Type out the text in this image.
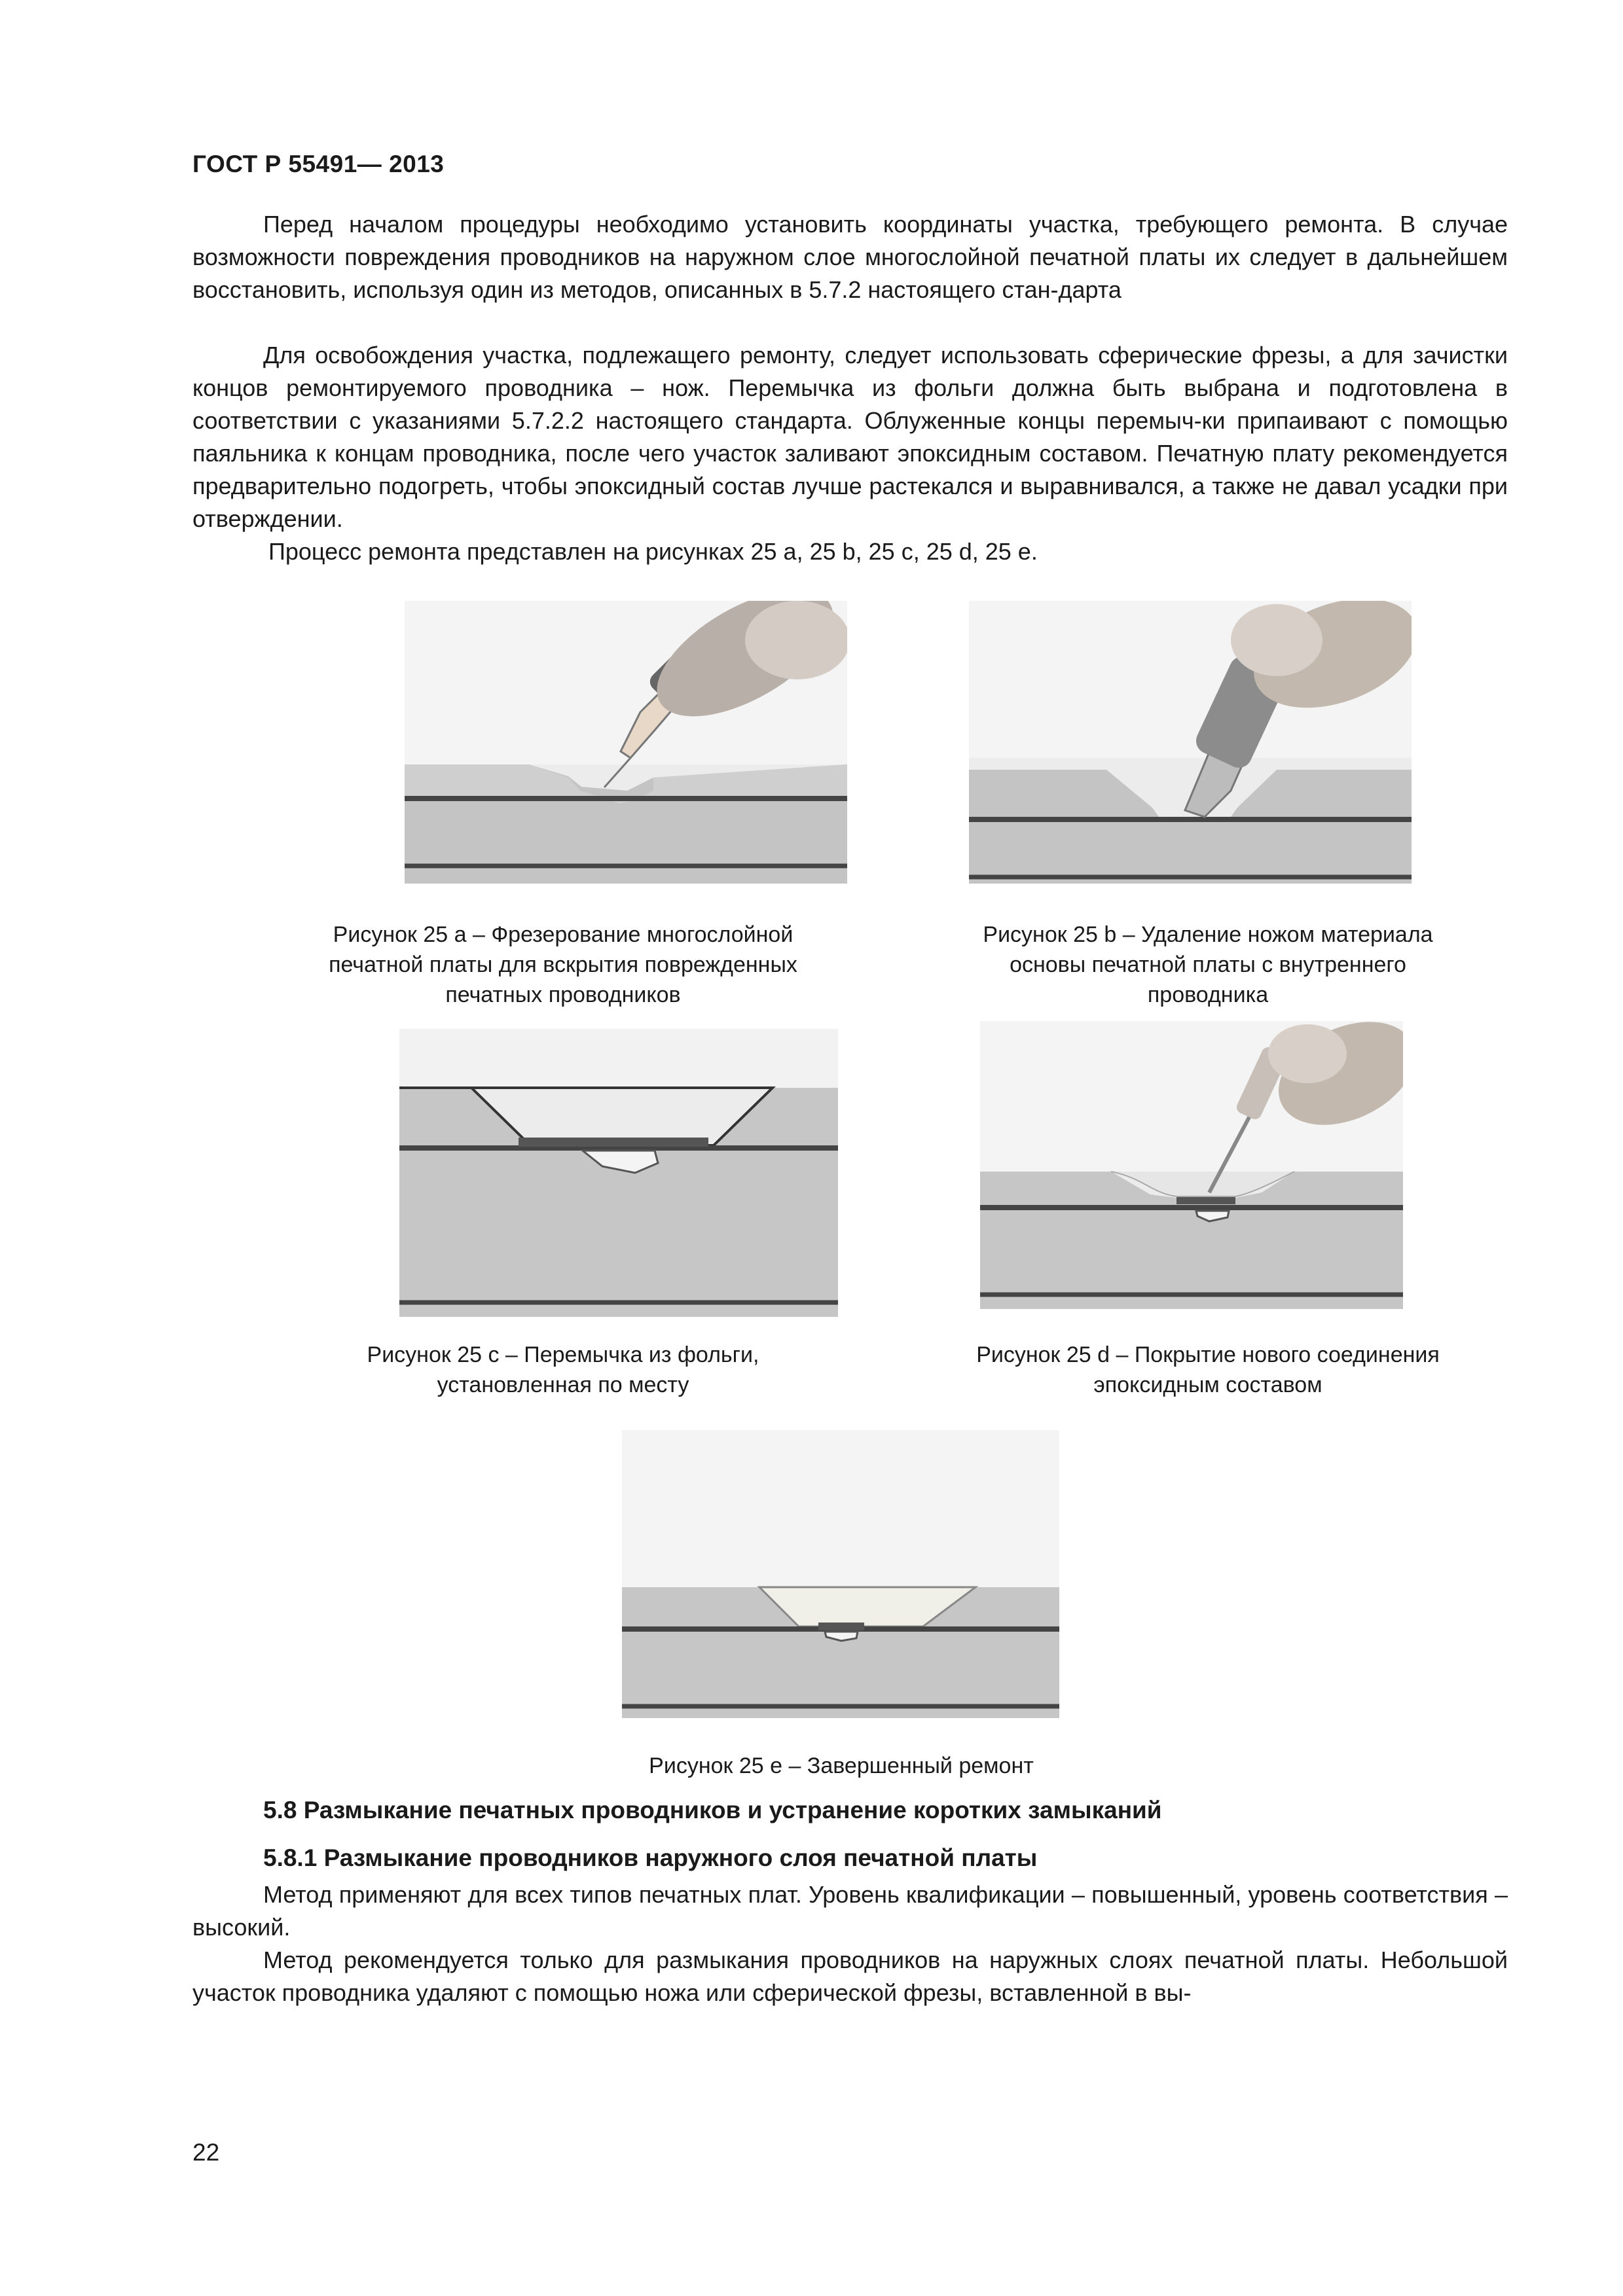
ГОСТ Р 55491— 2013

Перед началом процедуры необходимо установить координаты участка, требующего ремонта. В случае возможности повреждения проводников на наружном слое многослойной печатной платы их следует в дальнейшем восстановить, используя один из методов, описанных в 5.7.2 настоящего стан-дарта

Для освобождения участка, подлежащего ремонту, следует использовать сферические фрезы, а для зачистки концов ремонтируемого проводника – нож. Перемычка из фольги должна быть выбрана и подготовлена в соответствии с указаниями 5.7.2.2 настоящего стандарта. Облуженные концы перемыч-ки припаивают с помощью паяльника к концам проводника, после чего участок заливают эпоксидным составом. Печатную плату рекомендуется предварительно подогреть, чтобы эпоксидный состав лучше растекался и выравнивался, а также не давал усадки при отверждении.

Процесс ремонта представлен на рисунках 25 а, 25 b, 25 c, 25 d, 25 e.

Рисунок 25 а – Фрезерование многослойной
печатной платы для вскрытия поврежденных
печатных проводников
Рисунок 25 b – Удаление ножом материала
основы печатной платы с внутреннего
проводника
Рисунок 25 c – Перемычка из фольги,
установленная по месту
Рисунок 25 d – Покрытие нового соединения
эпоксидным составом
Рисунок 25 e – Завершенный ремонт
5.8 Размыкание печатных проводников и устранение коротких замыканий
5.8.1 Размыкание проводников наружного слоя печатной платы

Метод применяют для всех типов печатных плат. Уровень квалификации – повышенный, уровень соответствия – высокий.

Метод рекомендуется только для размыкания проводников на наружных слоях печатной платы. Небольшой участок проводника удаляют с помощью ножа или сферической фрезы, вставленной в вы-

22
